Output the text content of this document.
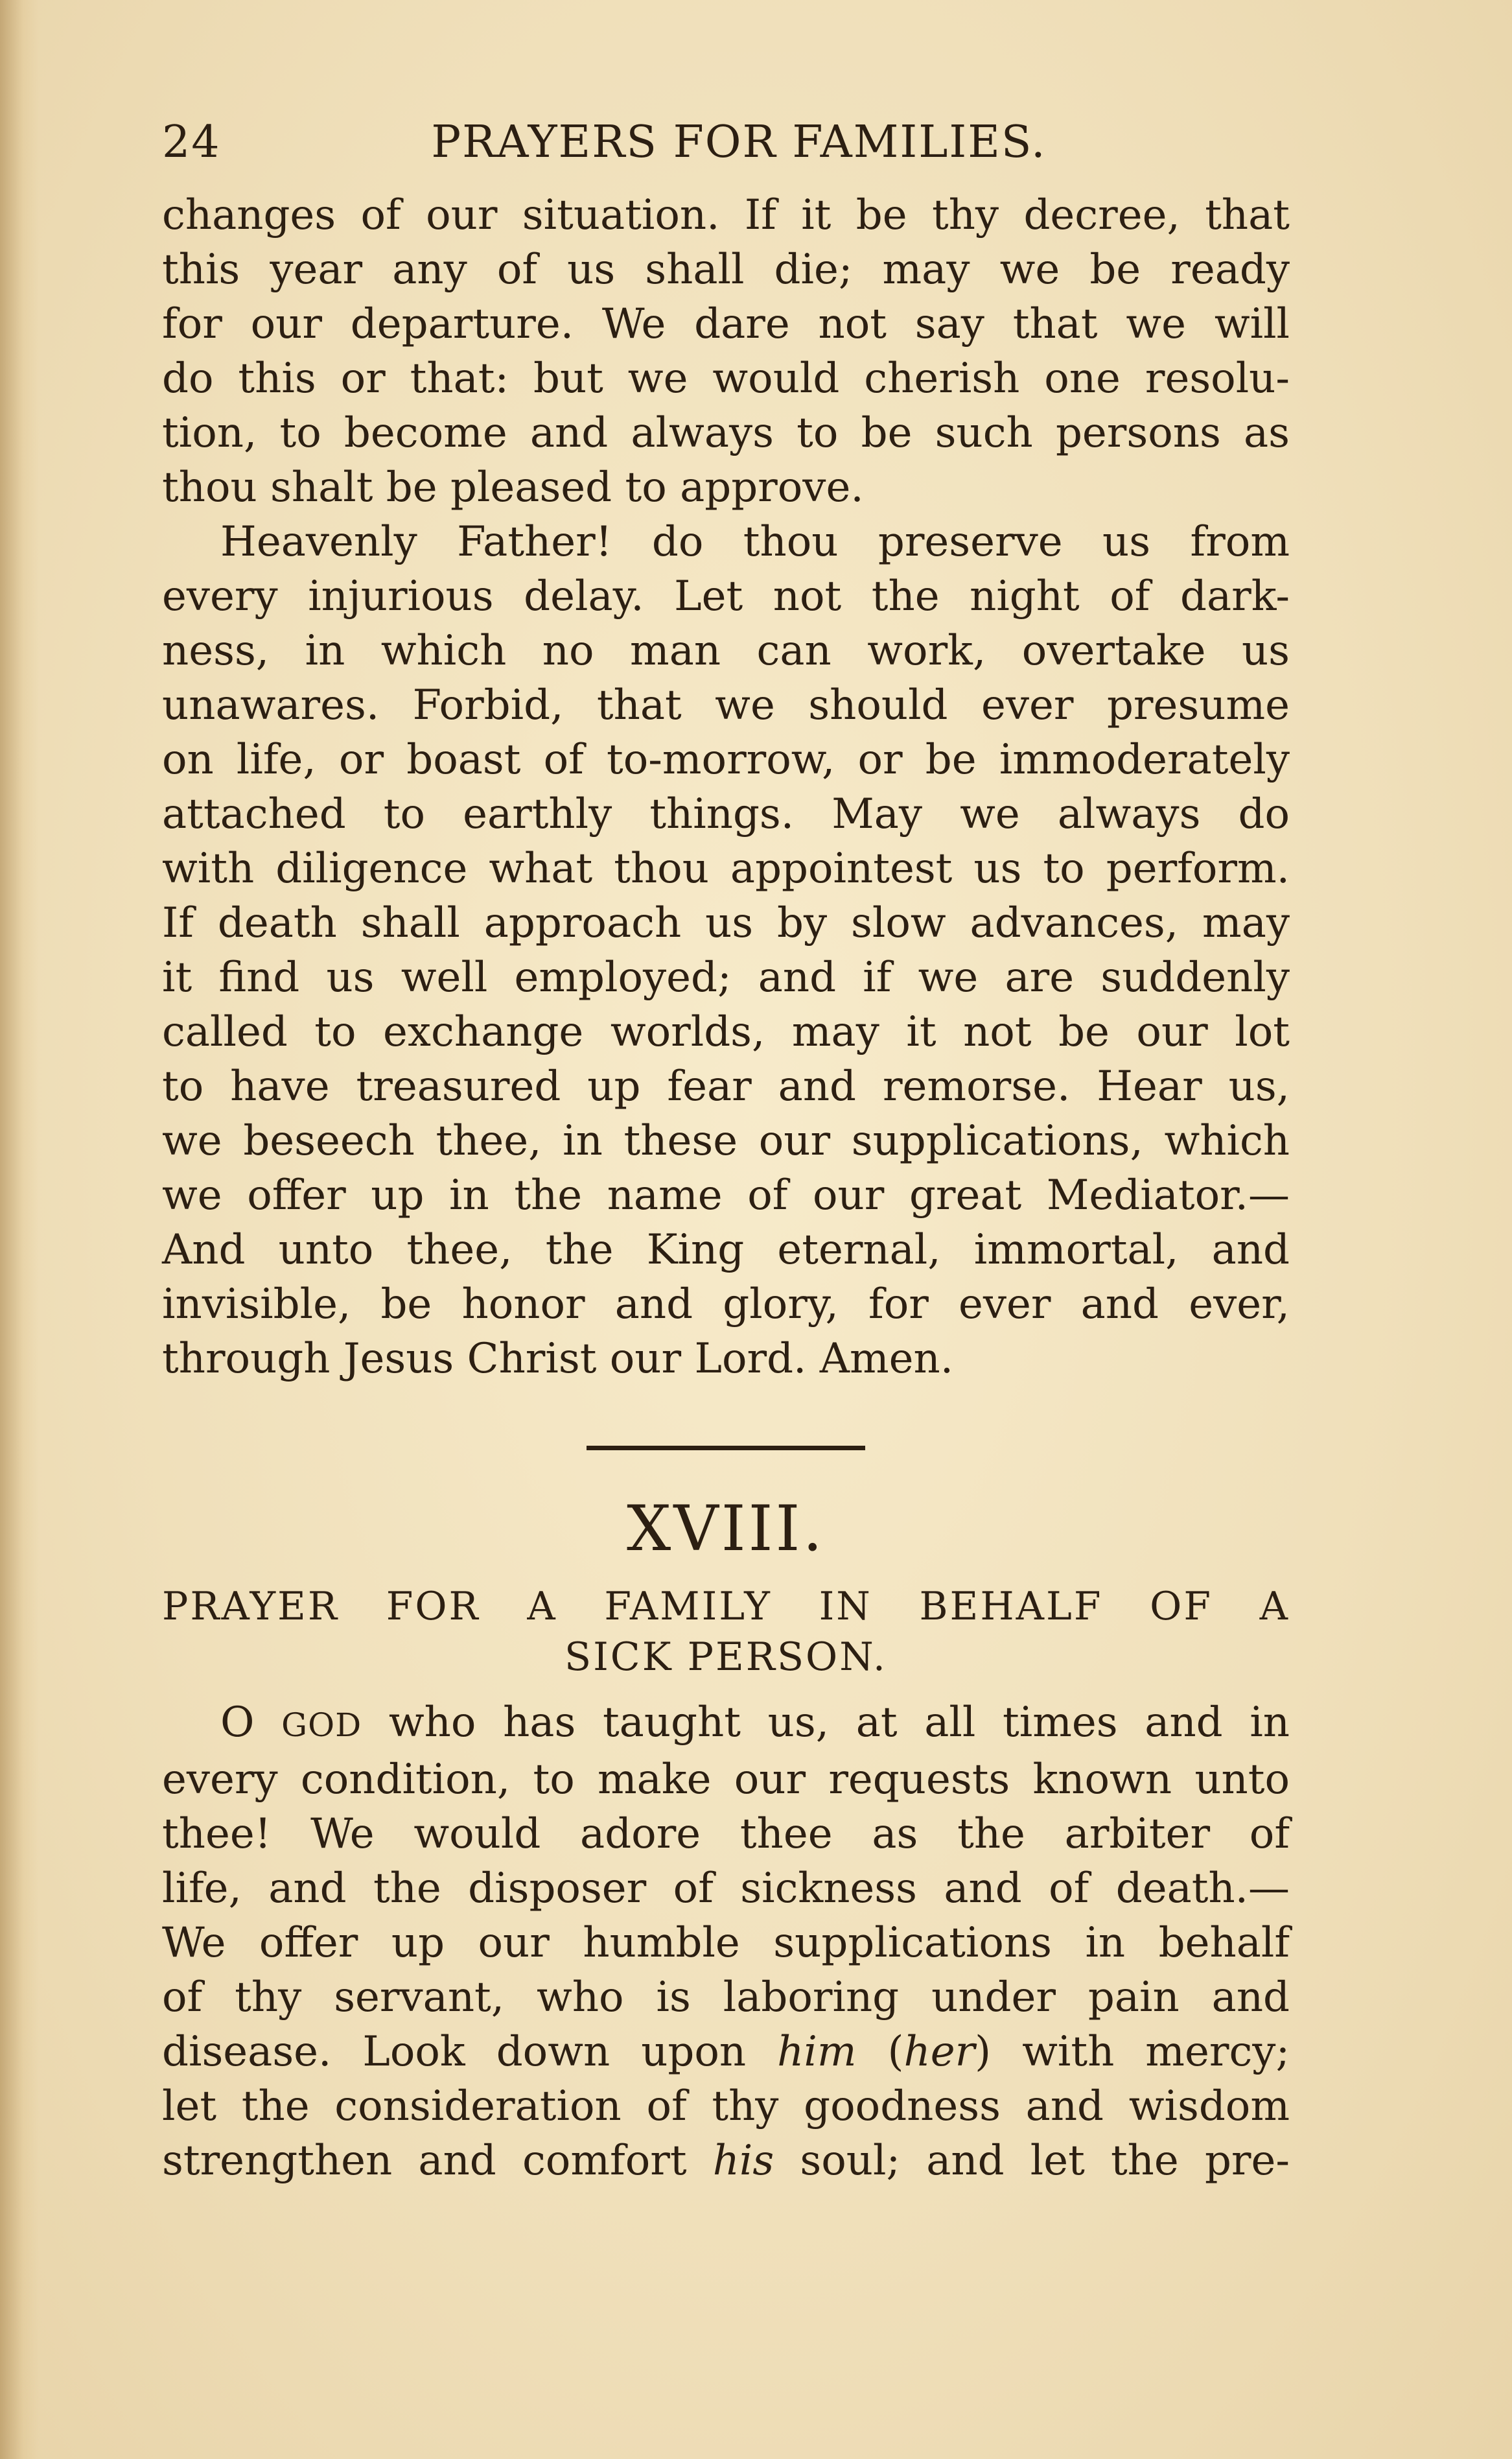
24	PRAYERS FOR FAMILIES.

changes of our situation. If it be thy decree, that
this year any of us shall die; may we be ready
for our departure. We dare not say that we will
do this or that: but we would cherish one resolu-
tion, to become and always to be such persons as
thou shalt be pleased to approve.

Heavenly Father! do thou preserve us from
every injurious delay. Let not the night of dark-
ness, in which no man can work, overtake us
unawares. Forbid, that we should ever presume
on life, or boast of to-morrow, or be immoderately
attached to earthly things. May we always do
with diligence what thou appointest us to perform.
If death shall approach us by slow advances, may
it find us well employed; and if we are suddenly
called to exchange worlds, may it not be our lot
to have treasured up fear and remorse. Hear us,
we beseech thee, in these our supplications, which
we offer up in the name of our great Mediator.—
And unto thee, the King eternal, immortal, and
invisible, be honor and glory, for ever and ever,
through Jesus Christ our Lord. Amen.

XVIII.
PRAYER FOR A FAMILY IN BEHALF OF A
SICK PERSON.

O GOD who has taught us, at all times and in
every condition, to make our requests known unto
thee! We would adore thee as the arbiter of
life, and the disposer of sickness and of death.—
We offer up our humble supplications in behalf
of thy servant, who is laboring under pain and
disease. Look down upon him (her) with mercy;
let the consideration of thy goodness and wisdom
strengthen and comfort his soul; and let the pre-
